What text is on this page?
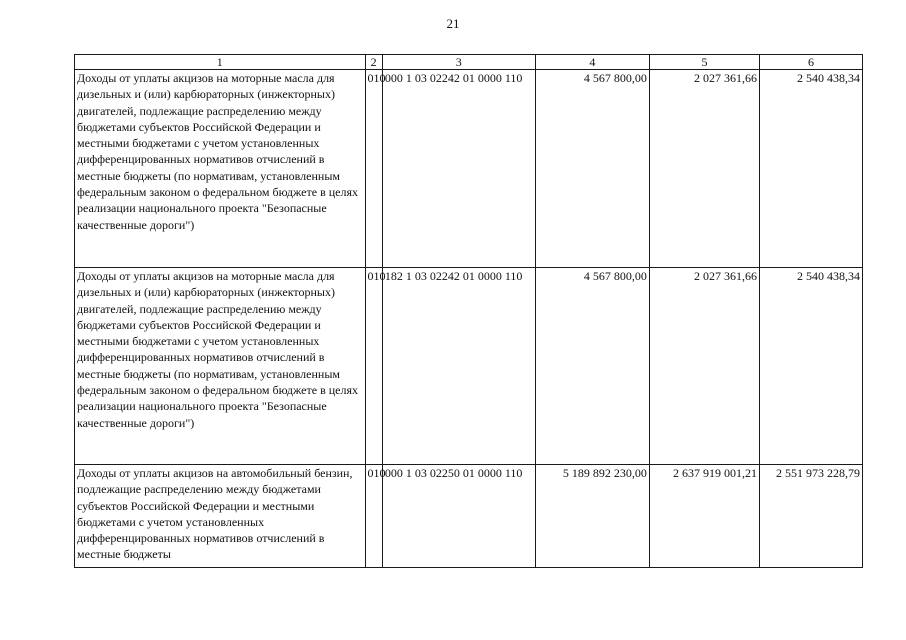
21
1	2	3	4	5	6
Доходы от уплаты акцизов на моторные масла для дизельных и (или) карбюраторных (инжекторных) двигателей, подлежащие распределению между бюджетами субъектов Российской Федерации и местными бюджетами с учетом установленных дифференцированных нормативов отчислений в местные бюджеты (по нормативам, установленным федеральным законом о федеральном бюджете в целях реализации национального проекта "Безопасные качественные дороги")	010	000 1 03 02242 01 0000 110	4 567 800,00	2 027 361,66	2 540 438,34
Доходы от уплаты акцизов на моторные масла для дизельных и (или) карбюраторных (инжекторных) двигателей, подлежащие распределению между бюджетами субъектов Российской Федерации и местными бюджетами с учетом установленных дифференцированных нормативов отчислений в местные бюджеты (по нормативам, установленным федеральным законом о федеральном бюджете в целях реализации национального проекта "Безопасные качественные дороги")	010	182 1 03 02242 01 0000 110	4 567 800,00	2 027 361,66	2 540 438,34
Доходы от уплаты акцизов на автомобильный бензин, подлежащие распределению между бюджетами субъектов Российской Федерации и местными бюджетами с учетом установленных дифференцированных нормативов отчислений в местные бюджеты	010	000 1 03 02250 01 0000 110	5 189 892 230,00	2 637 919 001,21	2 551 973 228,79
